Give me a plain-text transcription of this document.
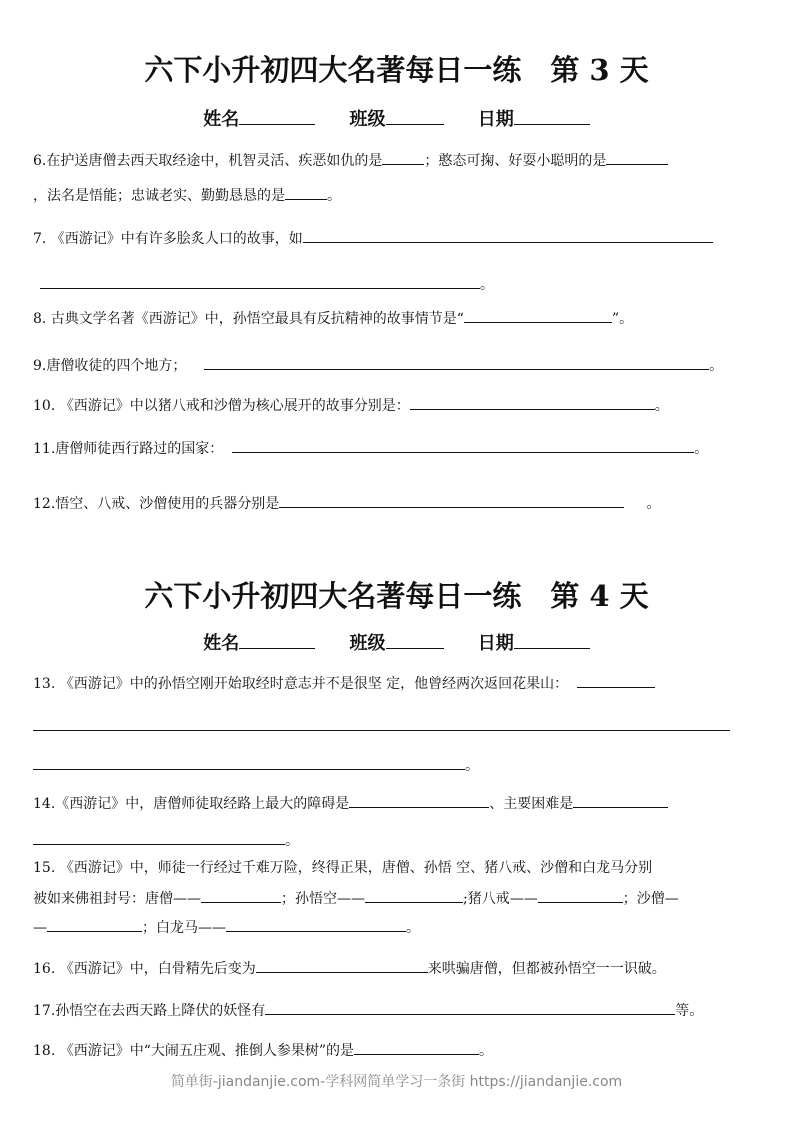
六下小升初四大名著每日一练　第 3 天
姓名	班级	日期
6.在护送唐僧去西天取经途中，机智灵活、疾恶如仇的是	；憨态可掬、好耍小聪明的是
，法名是悟能；忠诚老实、勤勤恳恳的是	。
7. 《西游记》中有许多脍炙人口的故事，如
。
8. 古典文学名著《西游记》中，孙悟空最具有反抗精神的故事情节是“	”。
9.唐僧收徒的四个地方；	。
10. 《西游记》中以猪八戒和沙僧为核心展开的故事分别是：	。
11.唐僧师徒西行路过的国家：	。
12.悟空、八戒、沙僧使用的兵器分别是	。
六下小升初四大名著每日一练　第 4 天
姓名	班级	日期
13. 《西游记》中的孙悟空刚开始取经时意志并不是很坚 定，他曾经两次返回花果山：
。
14.《西游记》中，唐僧师徒取经路上最大的障碍是	、主要困难是
。
15. 《西游记》中，师徒一行经过千难万险，终得正果，唐僧、孙悟 空、猪八戒、沙僧和白龙马分别
被如来佛祖封号：唐僧——	；孙悟空——	;猪八戒——	；沙僧—
—	；白龙马——	。
16. 《西游记》中，白骨精先后变为	来哄骗唐僧，但都被孙悟空一一识破。
17.孙悟空在去西天路上降伏的妖怪有	等。
18. 《西游记》中“大闹五庄观、推倒人参果树”的是	。
简单街-jiandanjie.com-学科网简单学习一条街 https://jiandanjie.com
